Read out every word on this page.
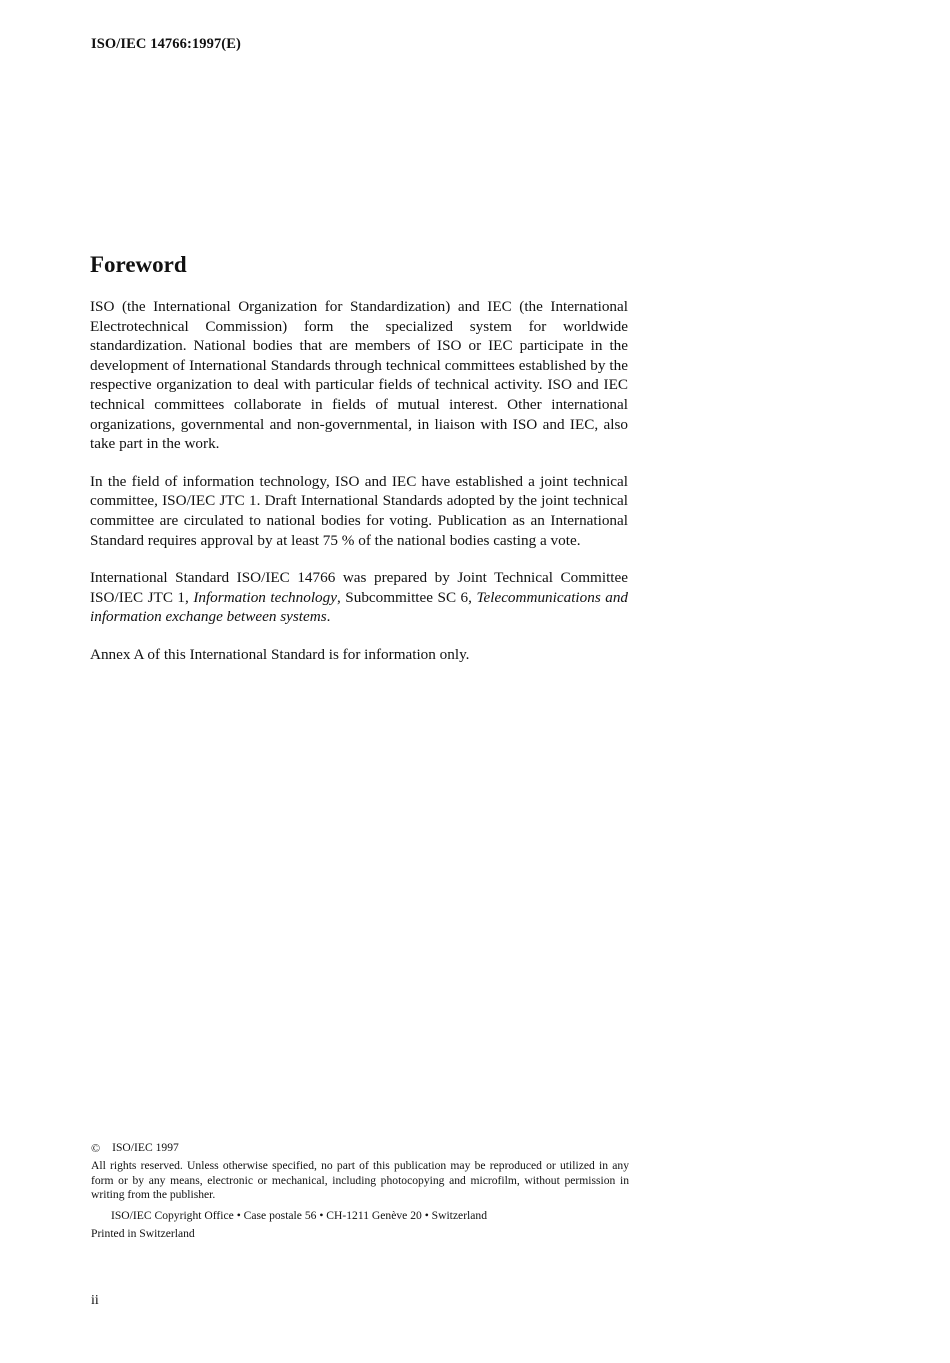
ISO/IEC 14766:1997(E)
Foreword

ISO (the International Organization for Standardization) and IEC (the International Electrotechnical Commission) form the specialized system for worldwide standardization. National bodies that are members of ISO or IEC participate in the development of International Standards through technical committees established by the respective organization to deal with particular fields of technical activity. ISO and IEC technical committees collaborate in fields of mutual interest. Other international organizations, governmental and non-governmental, in liaison with ISO and IEC, also take part in the work.

In the field of information technology, ISO and IEC have established a joint technical committee, ISO/IEC JTC 1. Draft International Standards adopted by the joint technical committee are circulated to national bodies for voting. Publication as an International Standard requires approval by at least 75 % of the national bodies casting a vote.

International Standard ISO/IEC 14766 was prepared by Joint Technical Committee ISO/IEC JTC 1, Information technology, Subcommittee SC 6, Telecommunications and information exchange between systems.

Annex A of this International Standard is for information only.

© ISO/IEC 1997

All rights reserved. Unless otherwise specified, no part of this publication may be reproduced or utilized in any form or by any means, electronic or mechanical, including photocopying and microfilm, without permission in writing from the publisher.

ISO/IEC Copyright Office • Case postale 56 • CH-1211 Genève 20 • Switzerland

Printed in Switzerland

ii
